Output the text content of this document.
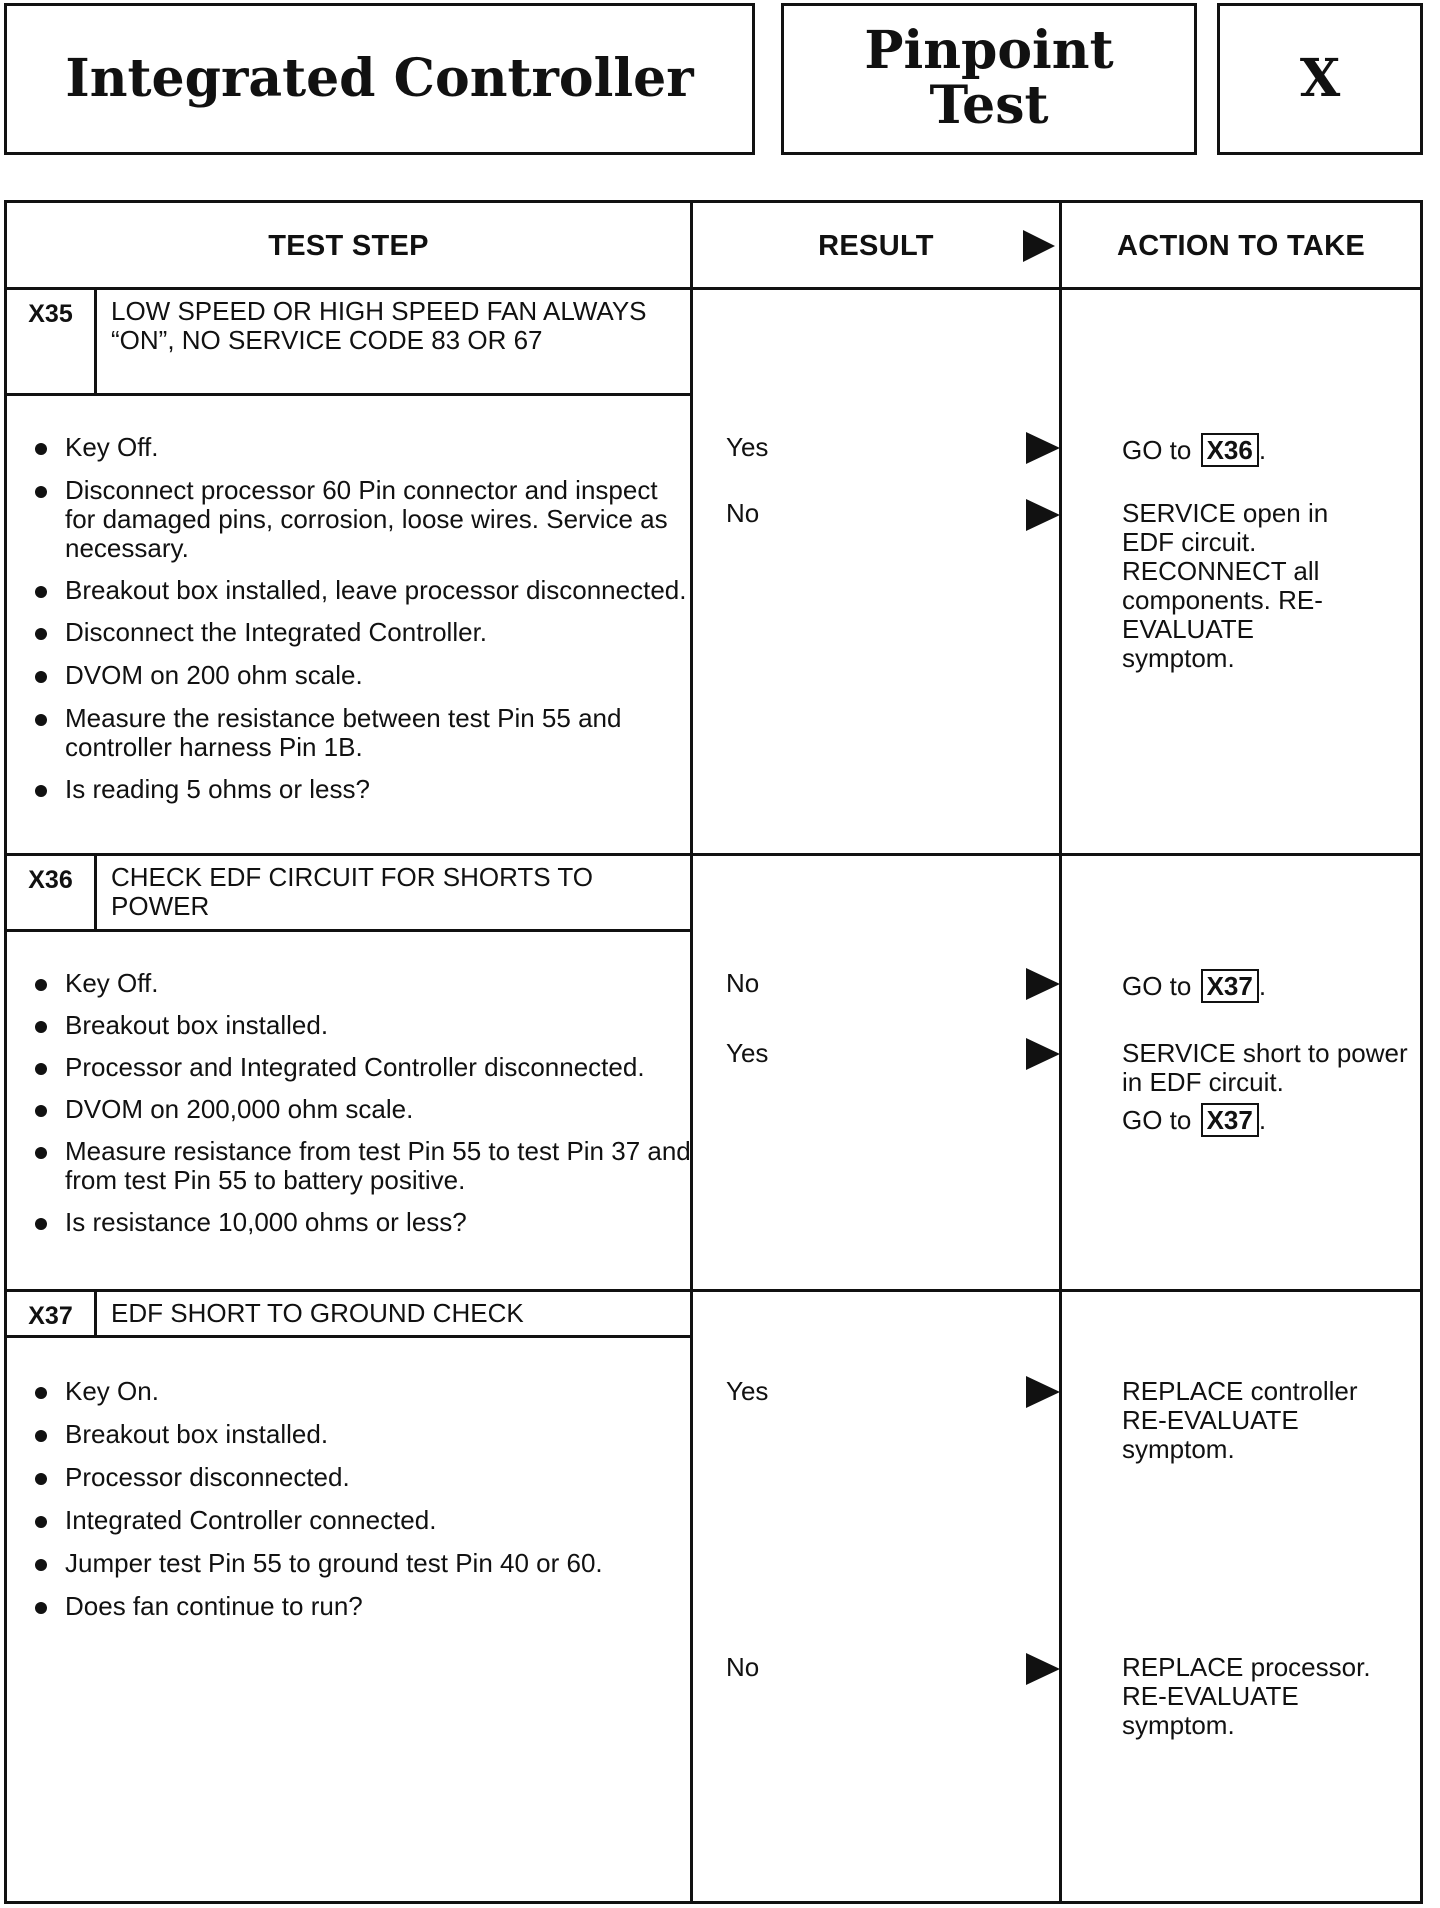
Integrated Controller	Pinpoint
Test	X
TEST STEP	RESULT	ACTION TO TAKE
X35	LOW SPEED OR HIGH SPEED FAN ALWAYS “ON”, NO SERVICE CODE 83 OR 67
Key Off.
Disconnect processor 60 Pin connector and inspect for damaged pins, corrosion, loose wires. Service as necessary.
Breakout box installed, leave processor disconnected.
Disconnect the Integrated Controller.
DVOM on 200 ohm scale.
Measure the resistance between test Pin 55 and controller harness Pin 1B.
Is reading 5 ohms or less?
Yes	GO to X36 .
No	SERVICE open in EDF circuit. RECONNECT all components. RE-EVALUATE symptom.
X36	CHECK EDF CIRCUIT FOR SHORTS TO POWER
Key Off.
Breakout box installed.
Processor and Integrated Controller disconnected.
DVOM on 200,000 ohm scale.
Measure resistance from test Pin 55 to test Pin 37 and from test Pin 55 to battery positive.
Is resistance 10,000 ohms or less?
No	GO to X37 .
Yes	SERVICE short to power in EDF circuit.
GO to X37 .
X37	EDF SHORT TO GROUND CHECK
Key On.
Breakout box installed.
Processor disconnected.
Integrated Controller connected.
Jumper test Pin 55 to ground test Pin 40 or 60.
Does fan continue to run?
Yes	REPLACE controller RE-EVALUATE symptom.
No	REPLACE processor. RE-EVALUATE symptom.
